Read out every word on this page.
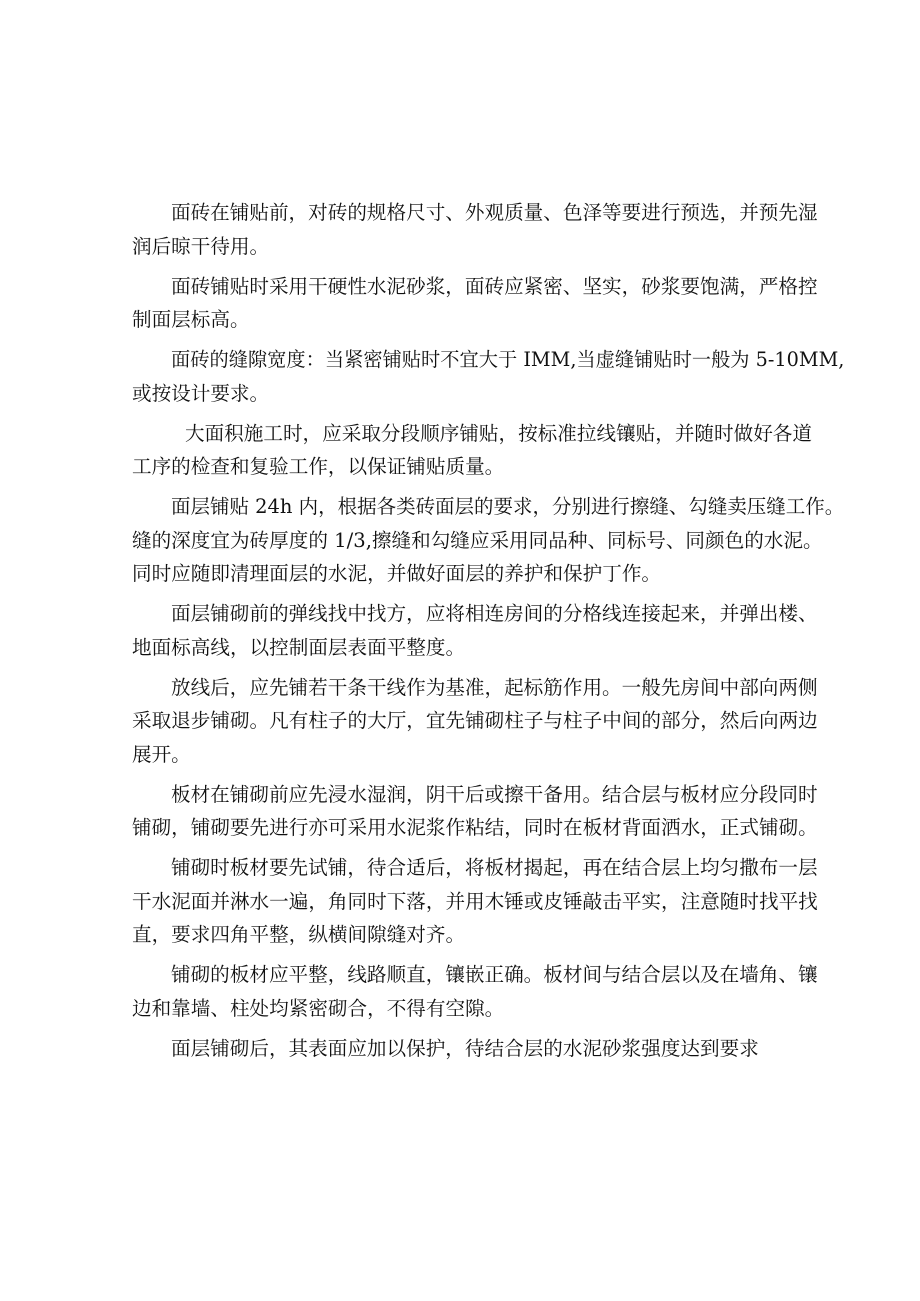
面砖在铺贴前，对砖的规格尺寸、外观质量、色泽等要进行预选，并预先湿
润后晾干待用。

面砖铺贴时采用干硬性水泥砂浆，面砖应紧密、坚实，砂浆要饱满，严格控
制面层标高。

面砖的缝隙宽度：当紧密铺贴时不宜大于 IMM,当虚缝铺贴时一般为 5-10MM,
或按设计要求。

大面积施工时，应采取分段顺序铺贴，按标准拉线镶贴，并随时做好各道
工序的检查和复验工作，以保证铺贴质量。

面层铺贴 24h 内，根据各类砖面层的要求，分别进行擦缝、勾缝卖压缝工作。
缝的深度宜为砖厚度的 1/3,擦缝和勾缝应采用同品种、同标号、同颜色的水泥。
同时应随即清理面层的水泥，并做好面层的养护和保护丁作。

面层铺砌前的弹线找中找方，应将相连房间的分格线连接起来，并弹出楼、
地面标高线，以控制面层表面平整度。

放线后，应先铺若干条干线作为基准，起标筋作用。一般先房间中部向两侧
采取退步铺砌。凡有柱子的大厅，宜先铺砌柱子与柱子中间的部分，然后向两边
展开。

板材在铺砌前应先浸水湿润，阴干后或擦干备用。结合层与板材应分段同时
铺砌，铺砌要先进行亦可采用水泥浆作粘结，同时在板材背面洒水，正式铺砌。

铺砌时板材要先试铺，待合适后，将板材揭起，再在结合层上均匀撒布一层
干水泥面并淋水一遍，角同时下落，并用木锤或皮锤敲击平实，注意随时找平找
直，要求四角平整，纵横间隙缝对齐。

铺砌的板材应平整，线路顺直，镶嵌正确。板材间与结合层以及在墙角、镶
边和靠墙、柱处均紧密砌合，不得有空隙。

面层铺砌后，其表面应加以保护，待结合层的水泥砂浆强度达到要求
